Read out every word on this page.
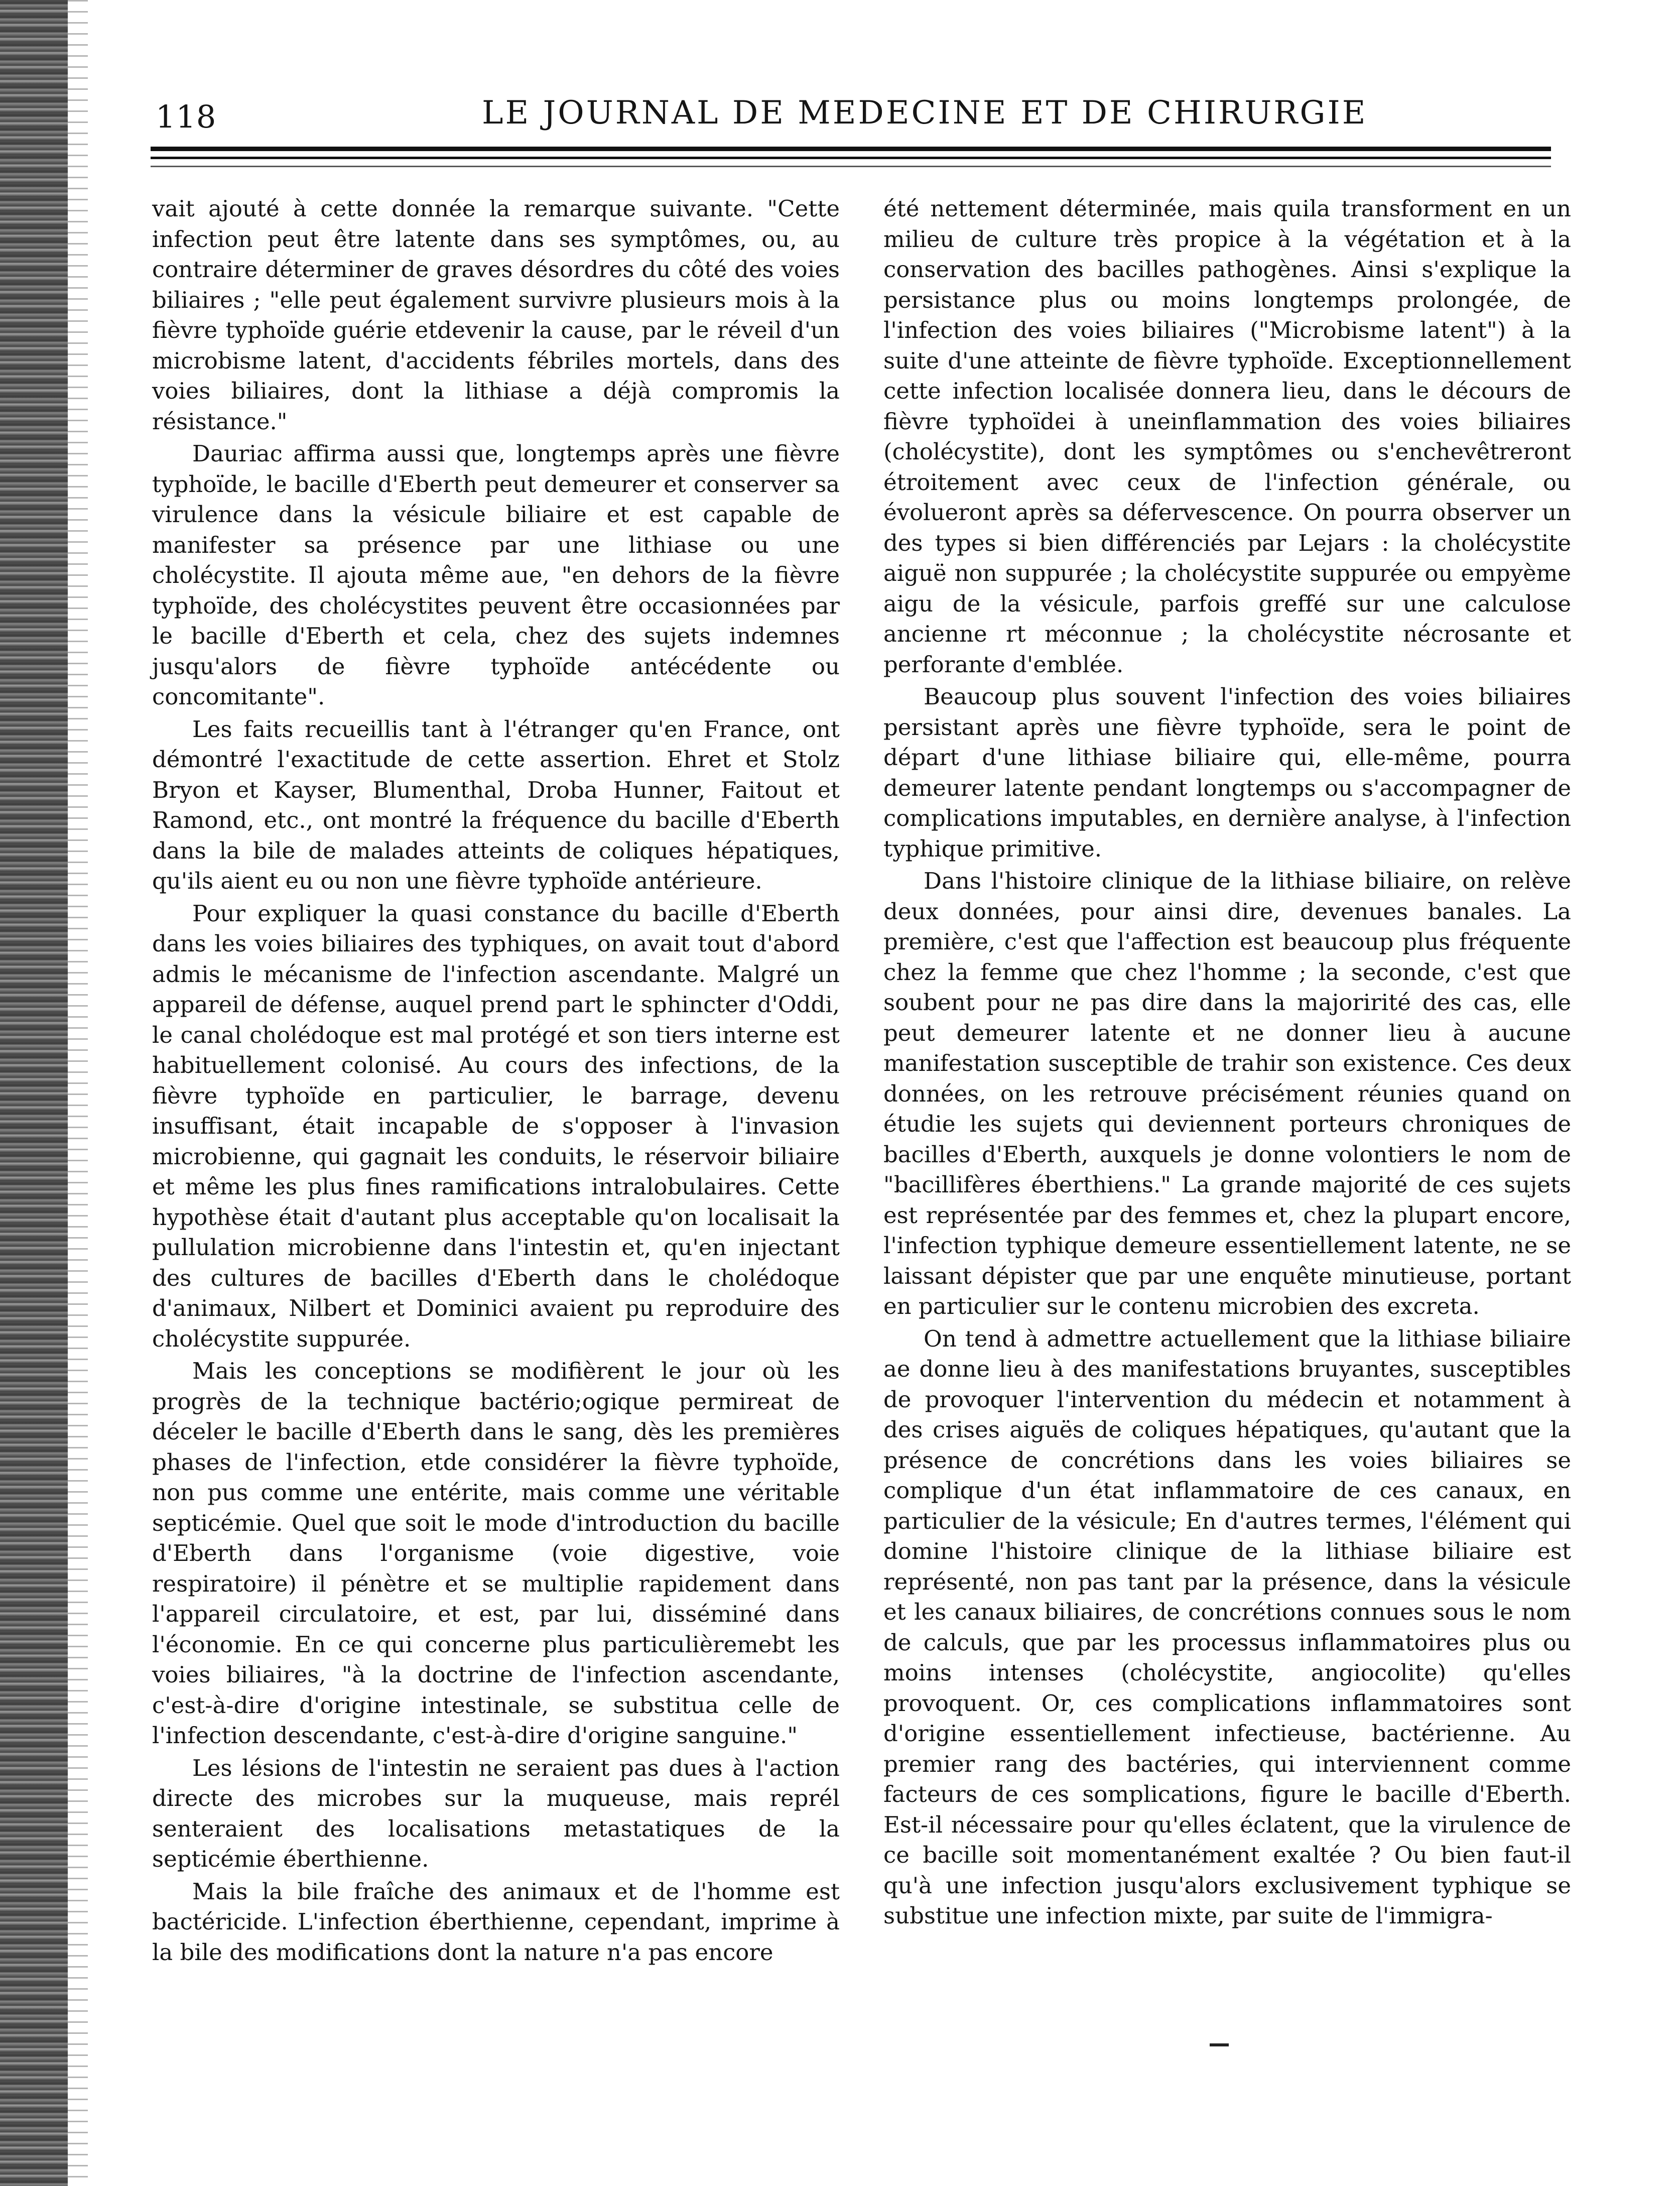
118	LE JOURNAL DE MEDECINE ET DE CHIRURGIE

vait ajouté à cette donnée la remarque suivante. "Cette infection peut être latente dans ses symptômes, ou, au contraire déterminer de graves désordres du côté des voies biliaires ; "elle peut également survivre plusieurs mois à la fièvre typhoïde guérie etdevenir la cause, par le réveil d'un microbisme latent, d'accidents fébriles mortels, dans des voies biliaires, dont la lithiase a déjà compromis la résistance."

Dauriac affirma aussi que, longtemps après une fièvre typhoïde, le bacille d'Eberth peut demeurer et conserver sa virulence dans la vésicule biliaire et est capable de manifester sa présence par une lithiase ou une cholécystite. Il ajouta même aue, "en dehors de la fièvre typhoïde, des cholécystites peuvent être occasionnées par le bacille d'Eberth et cela, chez des sujets indemnes jusqu'alors de fièvre typhoïde antécédente ou concomitante".

Les faits recueillis tant à l'étranger qu'en France, ont démontré l'exactitude de cette assertion. Ehret et Stolz Bryon et Kayser, Blumenthal, Droba Hunner, Faitout et Ramond, etc., ont montré la fréquence du bacille d'Eberth dans la bile de malades atteints de coliques hépatiques, qu'ils aient eu ou non une fièvre typhoïde antérieure.

Pour expliquer la quasi constance du bacille d'Eberth dans les voies biliaires des typhiques, on avait tout d'abord admis le mécanisme de l'infection ascendante. Malgré un appareil de défense, auquel prend part le sphincter d'Oddi, le canal cholédoque est mal protégé et son tiers interne est habituellement colonisé. Au cours des infections, de la fièvre typhoïde en particulier, le barrage, devenu insuffisant, était incapable de s'opposer à l'invasion microbienne, qui gagnait les conduits, le réservoir biliaire et même les plus fines ramifications intralobulaires. Cette hypothèse était d'autant plus acceptable qu'on localisait la pullulation microbienne dans l'intestin et, qu'en injectant des cultures de bacilles d'Eberth dans le cholédoque d'animaux, Nilbert et Dominici avaient pu reproduire des cholécystite suppurée.

Mais les conceptions se modifièrent le jour où les progrès de la technique bactério;ogique permireat de déceler le bacille d'Eberth dans le sang, dès les premières phases de l'infection, etde considérer la fièvre typhoïde, non pus comme une entérite, mais comme une véritable septicémie. Quel que soit le mode d'introduction du bacille d'Eberth dans l'organisme (voie digestive, voie respiratoire) il pénètre et se multiplie rapidement dans l'appareil circulatoire, et est, par lui, disséminé dans l'économie. En ce qui concerne plus particulièremebt les voies biliaires, "à la doctrine de l'infection ascendante, c'est-à-dire d'origine intestinale, se substitua celle de l'infection descendante, c'est-à-dire d'origine sanguine."

Les lésions de l'intestin ne seraient pas dues à l'action directe des microbes sur la muqueuse, mais reprél senteraient des localisations metastatiques de la septicémie éberthienne.

Mais la bile fraîche des animaux et de l'homme est bactéricide. L'infection éberthienne, cependant, imprime à la bile des modifications dont la nature n'a pas encore

été nettement déterminée, mais quila transforment en un milieu de culture très propice à la végétation et à la conservation des bacilles pathogènes. Ainsi s'explique la persistance plus ou moins longtemps prolongée, de l'infection des voies biliaires ("Microbisme latent") à la suite d'une atteinte de fièvre typhoïde. Exceptionnellement cette infection localisée donnera lieu, dans le décours de fièvre typhoïdei à uneinflammation des voies biliaires (cholécystite), dont les symptômes ou s'enchevêtreront étroitement avec ceux de l'infection générale, ou évolueront après sa défervescence. On pourra observer un des types si bien différenciés par Lejars : la cholécystite aiguë non suppurée ; la cholécystite suppurée ou empyème aigu de la vésicule, parfois greffé sur une calculose ancienne rt méconnue ; la cholécystite nécrosante et perforante d'emblée.

Beaucoup plus souvent l'infection des voies biliaires persistant après une fièvre typhoïde, sera le point de départ d'une lithiase biliaire qui, elle-même, pourra demeurer latente pendant longtemps ou s'accompagner de complications imputables, en dernière analyse, à l'infection typhique primitive.

Dans l'histoire clinique de la lithiase biliaire, on relève deux données, pour ainsi dire, devenues banales. La première, c'est que l'affection est beaucoup plus fréquente chez la femme que chez l'homme ; la seconde, c'est que soubent pour ne pas dire dans la majoririté des cas, elle peut demeurer latente et ne donner lieu à aucune manifestation susceptible de trahir son existence. Ces deux données, on les retrouve précisément réunies quand on étudie les sujets qui deviennent porteurs chroniques de bacilles d'Eberth, auxquels je donne volontiers le nom de "bacillifères éberthiens." La grande majorité de ces sujets est représentée par des femmes et, chez la plupart encore, l'infection typhique demeure essentiellement latente, ne se laissant dépister que par une enquête minutieuse, portant en particulier sur le contenu microbien des excreta.

On tend à admettre actuellement que la lithiase biliaire ae donne lieu à des manifestations bruyantes, susceptibles de provoquer l'intervention du médecin et notamment à des crises aiguës de coliques hépatiques, qu'autant que la présence de concrétions dans les voies biliaires se complique d'un état inflammatoire de ces canaux, en particulier de la vésicule; En d'autres termes, l'élément qui domine l'histoire clinique de la lithiase biliaire est représenté, non pas tant par la présence, dans la vésicule et les canaux biliaires, de concrétions connues sous le nom de calculs, que par les processus inflammatoires plus ou moins intenses (cholécystite, angiocolite) qu'elles provoquent. Or, ces complications inflammatoires sont d'origine essentiellement infectieuse, bactérienne. Au premier rang des bactéries, qui interviennent comme facteurs de ces somplications, figure le bacille d'Eberth. Est-il nécessaire pour qu'elles éclatent, que la virulence de ce bacille soit momentanément exaltée ? Ou bien faut-il qu'à une infection jusqu'alors exclusivement typhique se substitue une infection mixte, par suite de l'immigra-
